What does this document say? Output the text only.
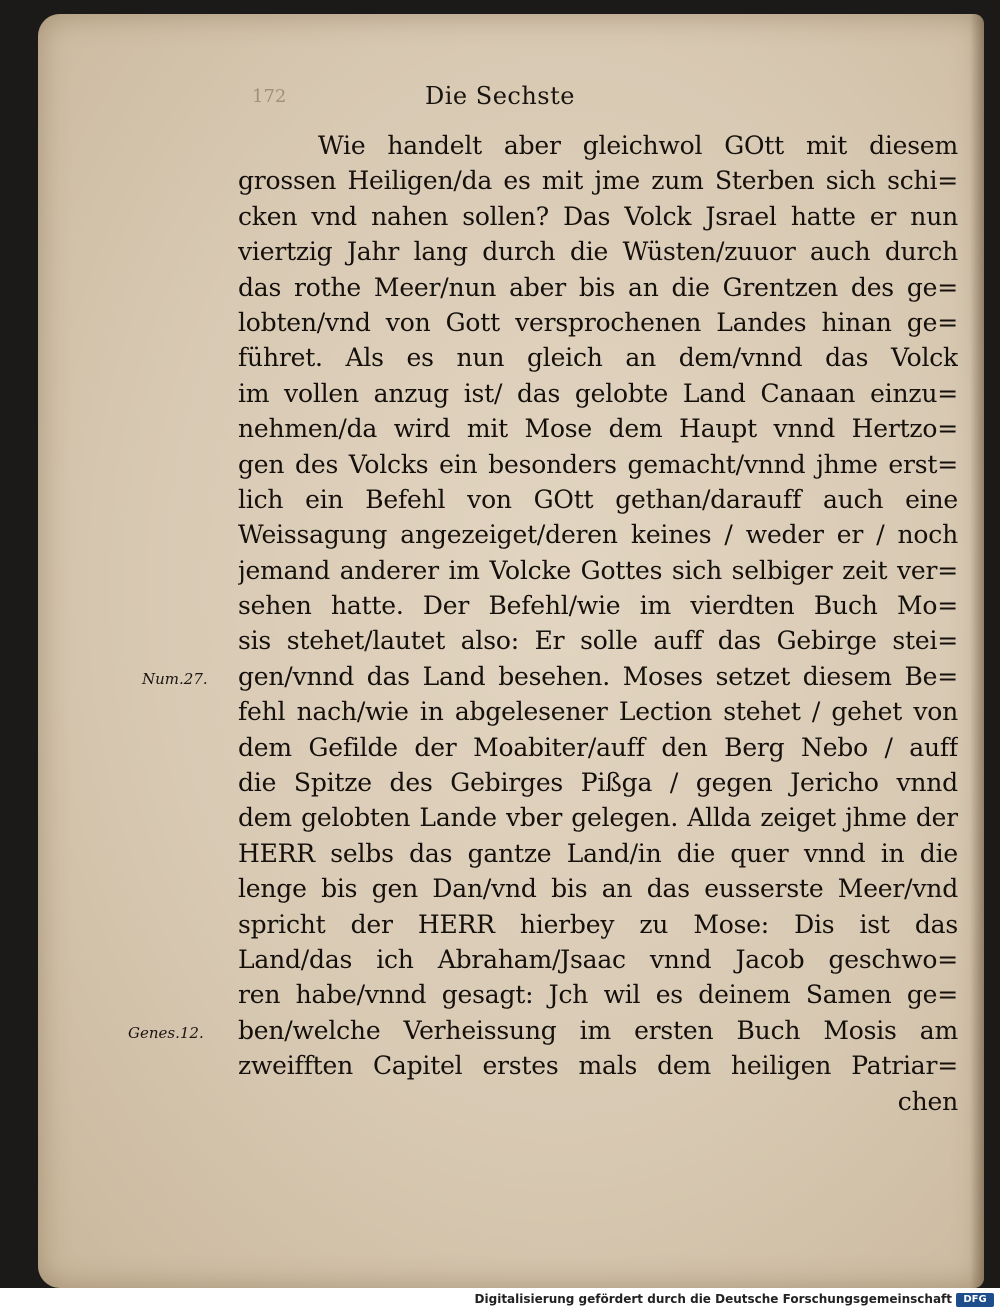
172	Die Sechste
Wie handelt aber gleichwol GOtt mit diesem
grossen Heiligen/da es mit jme zum Sterben sich schi=
cken vnd nahen sollen? Das Volck Jsrael hatte er nun
viertzig Jahr lang durch die Wüsten/zuuor auch durch
das rothe Meer/nun aber bis an die Grentzen des ge=
lobten/vnd von Gott versprochenen Landes hinan ge=
führet. Als es nun gleich an dem/vnnd das Volck
im vollen anzug ist/ das gelobte Land Canaan einzu=
nehmen/da wird mit Mose dem Haupt vnnd Hertzo=
gen des Volcks ein besonders gemacht/vnnd jhme erst=
lich ein Befehl von GOtt gethan/darauff auch eine
Weissagung angezeiget/deren keines / weder er / noch
jemand anderer im Volcke Gottes sich selbiger zeit ver=
sehen hatte. Der Befehl/wie im vierdten Buch Mo=
sis stehet/lautet also: Er solle auff das Gebirge stei=
gen/vnnd das Land besehen. Moses setzet diesem Be=
fehl nach/wie in abgelesener Lection stehet / gehet von
dem Gefilde der Moabiter/auff den Berg Nebo / auff
die Spitze des Gebirges Pißga / gegen Jericho vnnd
dem gelobten Lande vber gelegen. Allda zeiget jhme der
HERR selbs das gantze Land/in die quer vnnd in die
lenge bis gen Dan/vnd bis an das eusserste Meer/vnd
spricht der HERR hierbey zu Mose: Dis ist das
Land/das ich Abraham/Jsaac vnnd Jacob geschwo=
ren habe/vnnd gesagt: Jch wil es deinem Samen ge=
ben/welche Verheissung im ersten Buch Mosis am
zweifften Capitel erstes mals dem heiligen Patriar=
chen
Num.27.
Genes.12.
Digitalisierung gefördert durch die Deutsche Forschungsgemeinschaft	DFG
